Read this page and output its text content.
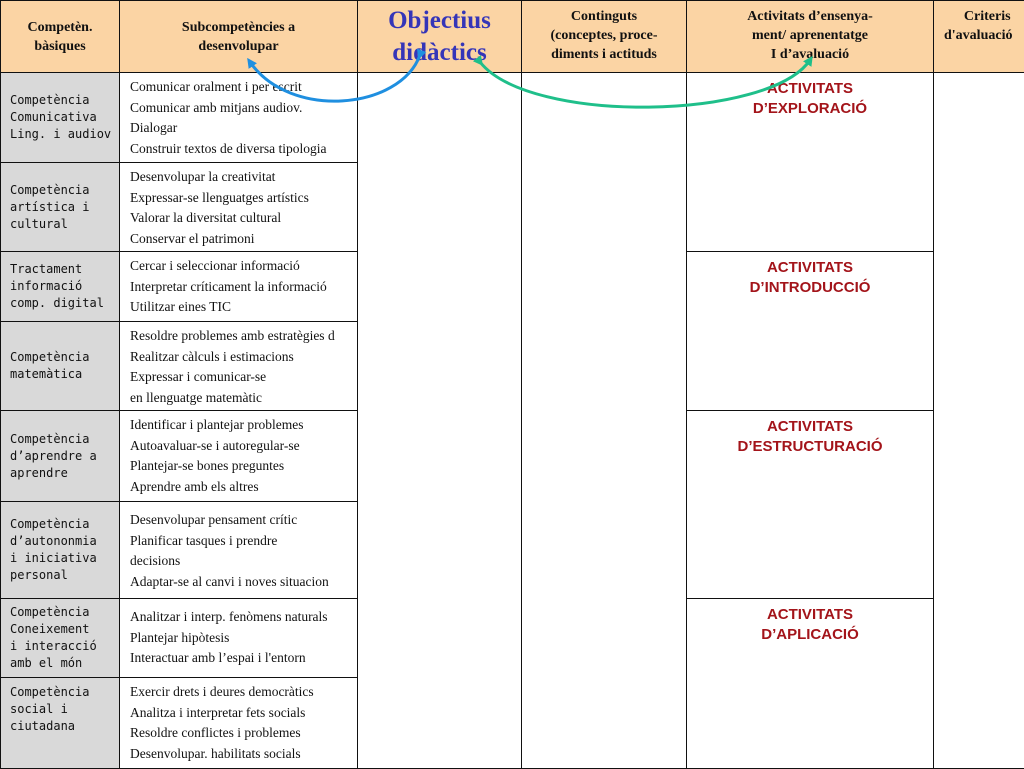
Competèn.
bàsiques
Subcompetències a
desenvolupar
Objectius
didàctics
Continguts
(conceptes, proce-
diments i actituds
Activitats d’ensenya-
ment/ aprenentatge
I d’avaluació
Criteris
d'avaluació
Competència
Comunicativa
Ling. i audiov
Comunicar oralment i per escrit
Comunicar amb mitjans audiov.
Dialogar
Construir textos de diversa tipologia
Competència
artística i
cultural
Desenvolupar la creativitat
Expressar-se llenguatges artístics
Valorar la diversitat cultural
Conservar el patrimoni
Tractament
informació
comp. digital
Cercar i seleccionar informació
Interpretar críticament la informació
Utilitzar eines TIC
Competència
matemàtica
Resoldre problemes amb estratègies d
Realitzar càlculs i estimacions
Expressar i comunicar-se
en llenguatge matemàtic
Competència
d’aprendre a
aprendre
Identificar i plantejar problemes
Autoavaluar-se i autoregular-se
Plantejar-se bones preguntes
Aprendre amb els altres
Competència
d’autononmia
i iniciativa
personal
Desenvolupar pensament crític
Planificar tasques i prendre
decisions
Adaptar-se al canvi i noves situacion
Competència
Coneixement
i interacció
amb el món
Analitzar i interp. fenòmens naturals
Plantejar hipòtesis
Interactuar amb l’espai i l'entorn
Competència
social i
ciutadana
Exercir drets i deures democràtics
Analitza i interpretar fets socials
Resoldre conflictes i problemes
Desenvolupar. habilitats socials
ACTIVITATS
D’EXPLORACIÓ
ACTIVITATS
D’INTRODUCCIÓ
ACTIVITATS
D’ESTRUCTURACIÓ
ACTIVITATS
D’APLICACIÓ
